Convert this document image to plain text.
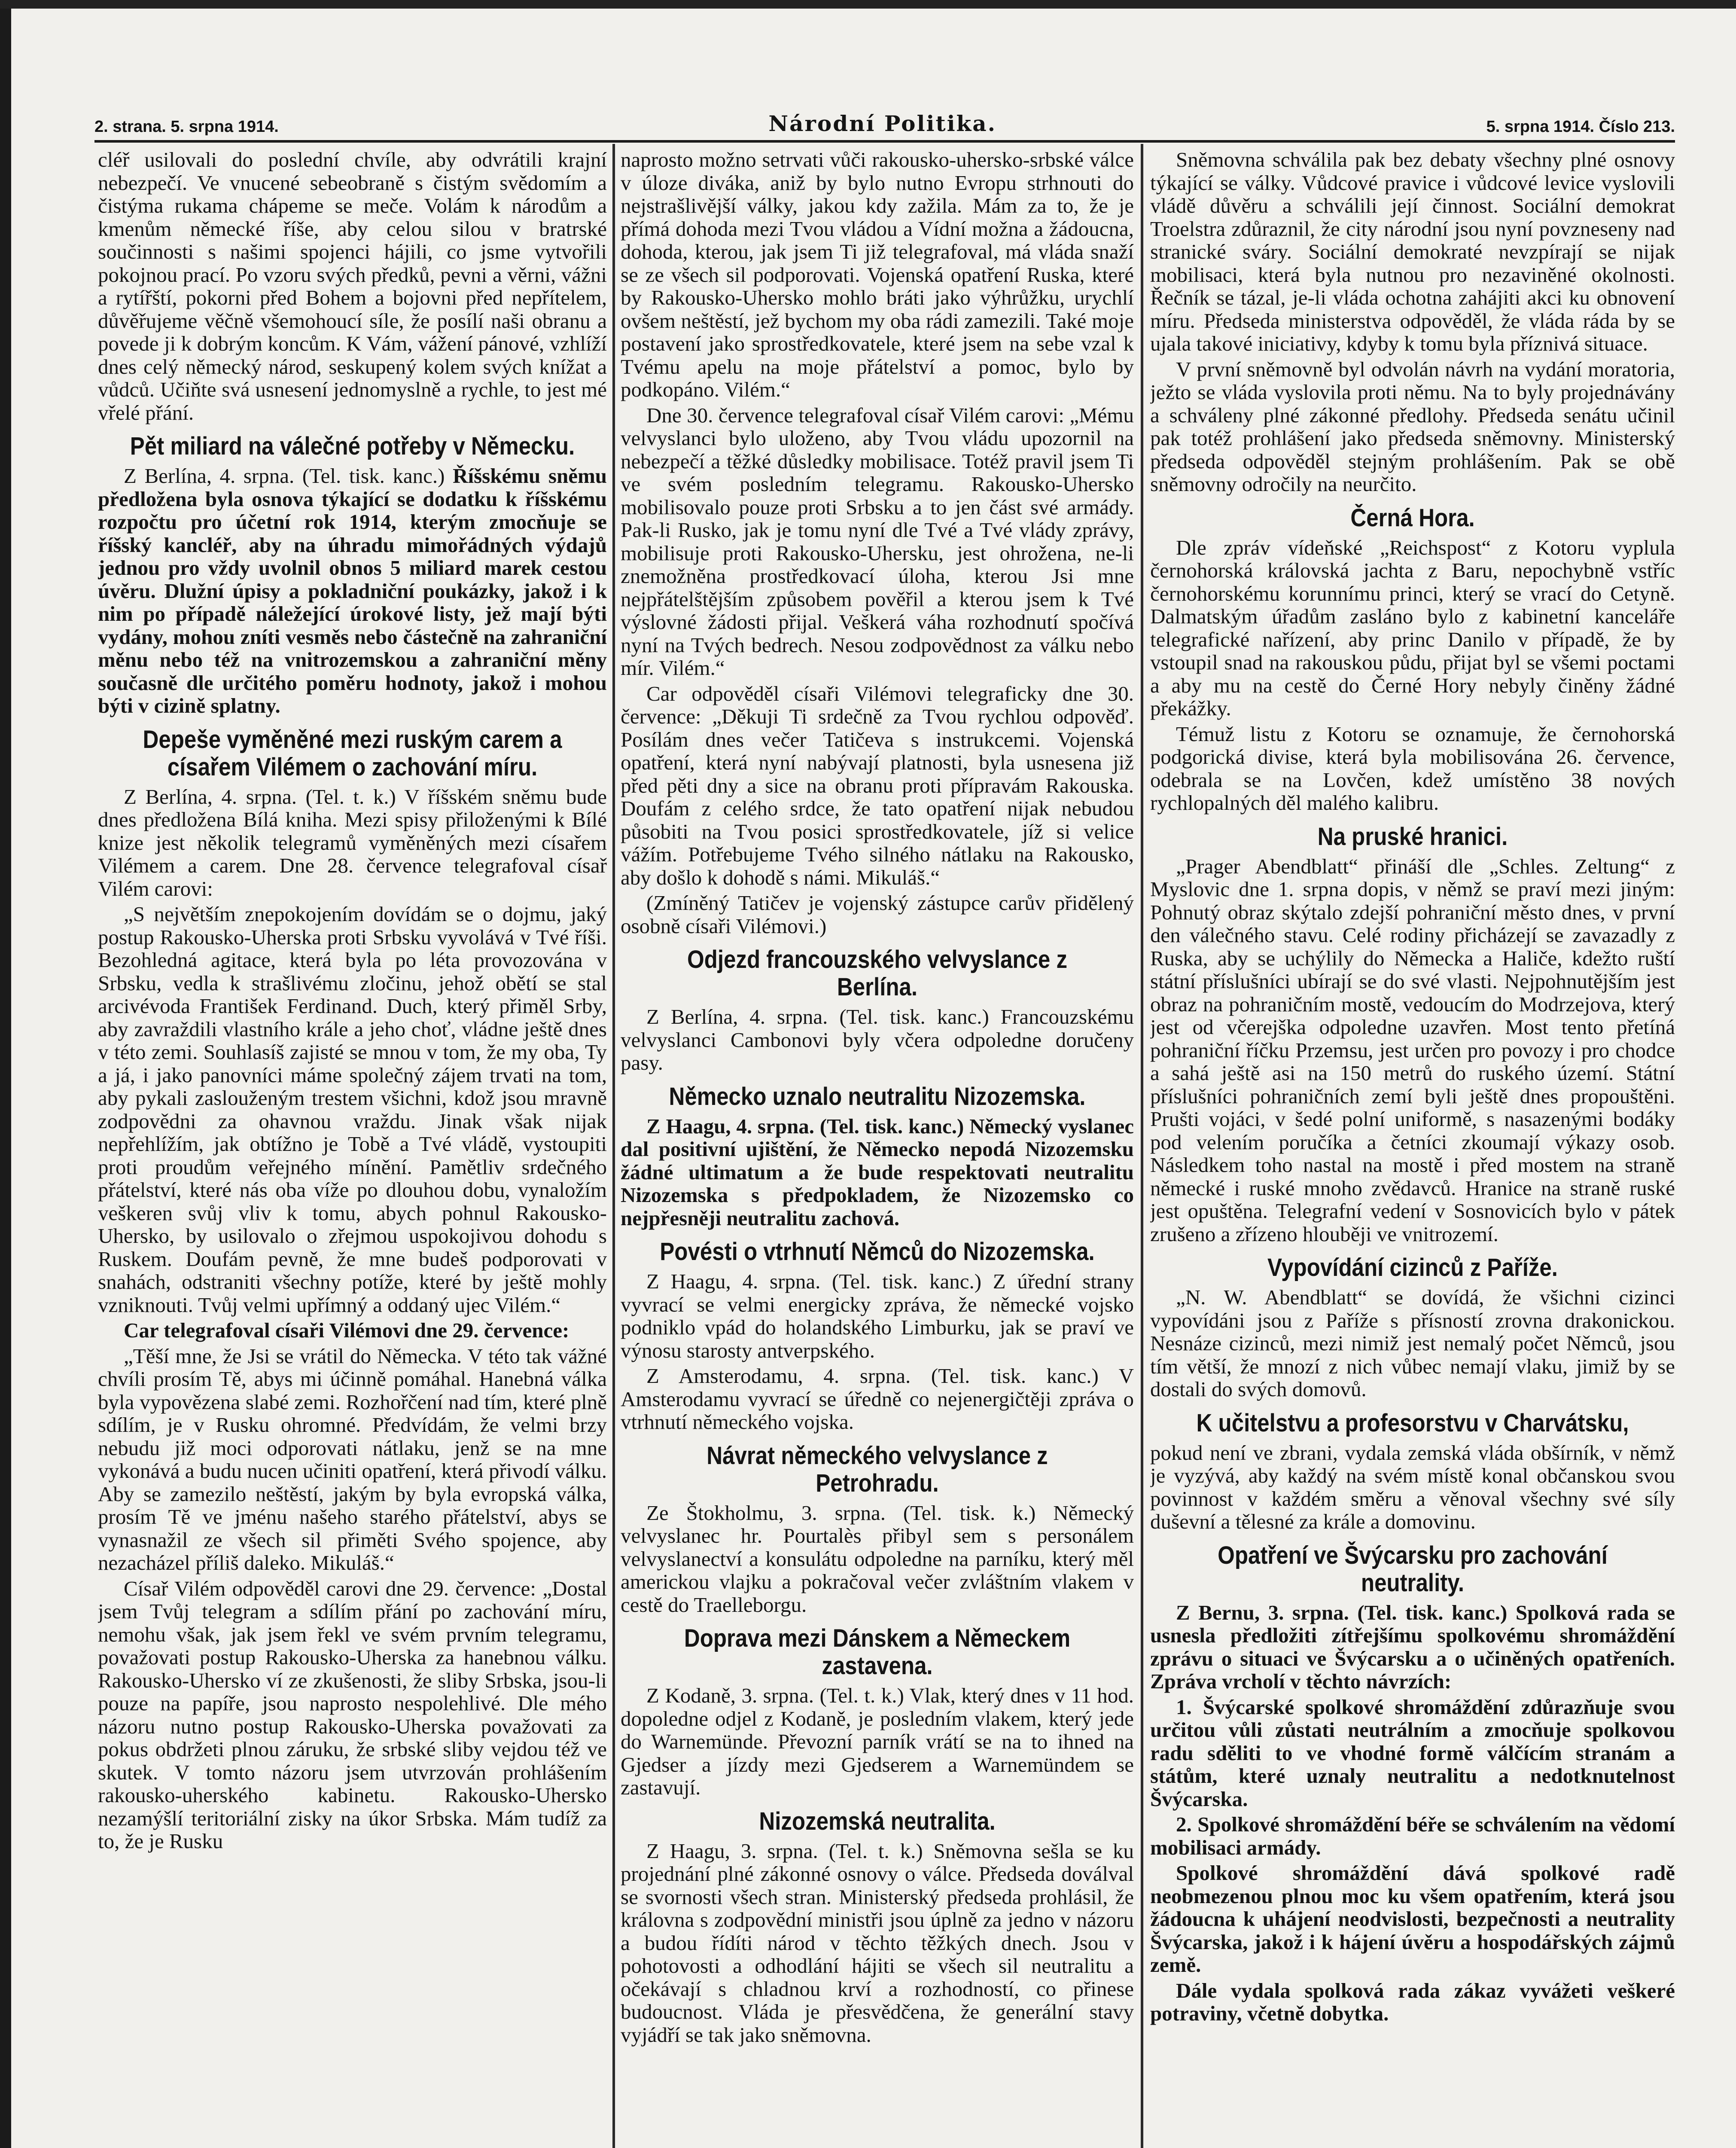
2. strana. 5. srpna 1914.	Národní Politika.	5. srpna 1914. Číslo 213.

cléř usilovali do poslední chvíle, aby odvrátili krajní nebezpečí. Ve vnucené sebeobraně s čistým svědomím a čistýma rukama chápeme se meče. Volám k národům a kmenům německé říše, aby celou silou v bratrské součinnosti s našimi spojenci hájili, co jsme vytvořili pokojnou prací. Po vzoru svých předků, pevni a věrni, vážni a rytířští, pokorni před Bohem a bojovni před nepřítelem, důvěřujeme věčně všemohoucí síle, že posílí naši obranu a povede ji k dobrým koncům. K Vám, vážení pánové, vzhlíží dnes celý německý národ, seskupený kolem svých knížat a vůdců. Učiňte svá usnesení jednomyslně a rychle, to jest mé vřelé přání.

Pět miliard na válečné potřeby v Německu.

Z Berlína, 4. srpna. (Tel. tisk. kanc.) Říšskému sněmu předložena byla osnova týkající se dodatku k říšskému rozpočtu pro účetní rok 1914, kterým zmocňuje se říšský kancléř, aby na úhradu mimořádných výdajů jednou pro vždy uvolnil obnos 5 miliard marek cestou úvěru. Dlužní úpisy a pokladniční poukázky, jakož i k nim po případě náležející úrokové listy, jež mají býti vydány, mohou zníti vesměs nebo částečně na zahraniční měnu nebo též na vnitrozemskou a zahraniční měny současně dle určitého poměru hodnoty, jakož i mohou býti v cizině splatny.

Depeše vyměněné mezi ruským carem a císařem Vilémem o zachování míru.

Z Berlína, 4. srpna. (Tel. t. k.) V říšském sněmu bude dnes předložena Bílá kniha. Mezi spisy přiloženými k Bílé knize jest několik telegramů vyměněných mezi císařem Vilémem a carem. Dne 28. července telegrafoval císař Vilém carovi:

„S největším znepokojením dovídám se o dojmu, jaký postup Rakousko-Uherska proti Srbsku vyvolává v Tvé říši. Bezohledná agitace, která byla po léta provozována v Srbsku, vedla k strašlivému zločinu, jehož obětí se stal arcivévoda František Ferdinand. Duch, který přiměl Srby, aby zavraždili vlastního krále a jeho choť, vládne ještě dnes v této zemi. Souhlasíš zajisté se mnou v tom, že my oba, Ty a já, i jako panovníci máme společný zájem trvati na tom, aby pykali zaslouženým trestem všichni, kdož jsou mravně zodpovědni za ohavnou vraždu. Jinak však nijak nepřehlížím, jak obtížno je Tobě a Tvé vládě, vystoupiti proti proudům veřejného mínění. Pamětliv srdečného přátelství, které nás oba víže po dlouhou dobu, vynaložím veškeren svůj vliv k tomu, abych pohnul Rakousko-Uhersko, by usilovalo o zřejmou uspokojivou dohodu s Ruskem. Doufám pevně, že mne budeš podporovati v snahách, odstraniti všechny potíže, které by ještě mohly vzniknouti. Tvůj velmi upřímný a oddaný ujec Vilém.“

Car telegrafoval císaři Vilémovi dne 29. července:

„Těší mne, že Jsi se vrátil do Německa. V této tak vážné chvíli prosím Tě, abys mi účinně pomáhal. Hanebná válka byla vypovězena slabé zemi. Rozhořčení nad tím, které plně sdílím, je v Rusku ohromné. Předvídám, že velmi brzy nebudu již moci odporovati nátlaku, jenž se na mne vykonává a budu nucen učiniti opatření, která přivodí válku. Aby se zamezilo neštěstí, jakým by byla evropská válka, prosím Tě ve jménu našeho starého přátelství, abys se vynasnažil ze všech sil přiměti Svého spojence, aby nezacházel příliš daleko. Mikuláš.“

Císař Vilém odpověděl carovi dne 29. července: „Dostal jsem Tvůj telegram a sdílím přání po zachování míru, nemohu však, jak jsem řekl ve svém prvním telegramu, považovati postup Rakousko-Uherska za hanebnou válku. Rakousko-Uhersko ví ze zkušenosti, že sliby Srbska, jsou-li pouze na papíře, jsou naprosto nespolehlivé. Dle mého názoru nutno postup Rakousko-Uherska považovati za pokus obdržeti plnou záruku, že srbské sliby vejdou též ve skutek. V tomto názoru jsem utvrzován prohlášením rakousko-uherského kabinetu. Rakousko-Uhersko nezamýšlí teritoriální zisky na úkor Srbska. Mám tudíž za to, že je Rusku

naprosto možno setrvati vůči rakousko-uhersko-srbské válce v úloze diváka, aniž by bylo nutno Evropu strhnouti do nejstrašlivější války, jakou kdy zažila. Mám za to, že je přímá dohoda mezi Tvou vládou a Vídní možna a žádoucna, dohoda, kterou, jak jsem Ti již telegrafoval, má vláda snaží se ze všech sil podporovati. Vojenská opatření Ruska, které by Rakousko-Uhersko mohlo bráti jako výhrůžku, urychlí ovšem neštěstí, jež bychom my oba rádi zamezili. Také moje postavení jako sprostředkovatele, které jsem na sebe vzal k Tvému apelu na moje přátelství a pomoc, bylo by podkopáno. Vilém.“

Dne 30. července telegrafoval císař Vilém carovi: „Mému velvyslanci bylo uloženo, aby Tvou vládu upozornil na nebezpečí a těžké důsledky mobilisace. Totéž pravil jsem Ti ve svém posledním telegramu. Rakousko-Uhersko mobilisovalo pouze proti Srbsku a to jen část své armády. Pak-li Rusko, jak je tomu nyní dle Tvé a Tvé vlády zprávy, mobilisuje proti Rakousko-Uhersku, jest ohroženа, ne-li znemožněna prostředkovací úloha, kterou Jsi mne nejpřátelštějším způsobem pověřil a kterou jsem k Tvé výslovné žádosti přijal. Veškerá váha rozhodnutí spočívá nyní na Tvých bedrech. Nesou zodpovědnost za válku nebo mír. Vilém.“

Car odpověděl císaři Vilémovi telegraficky dne 30. července: „Děkuji Ti srdečně za Tvou rychlou odpověď. Posílám dnes večer Tatičeva s instrukcemi. Vojenská opatření, která nyní nabývají platnosti, byla usnesena již před pěti dny a sice na obranu proti přípravám Rakouska. Doufám z celého srdce, že tato opatření nijak nebudou působiti na Tvou posici sprostředkovatele, jíž si velice vážím. Potřebujeme Tvého silného nátlaku na Rakousko, aby došlo k dohodě s námi. Mikuláš.“

(Zmíněný Tatičev je vojenský zástupce carův přidělený osobně císaři Vilémovi.)

Odjezd francouzského velvyslance z Berlína.

Z Berlína, 4. srpna. (Tel. tisk. kanc.) Francouzskému velvyslanci Cambonovi byly včera odpoledne doručeny pasy.

Německo uznalo neutralitu Nizozemska.

Z Haagu, 4. srpna. (Tel. tisk. kanc.) Německý vyslanec dal positivní ujištění, že Německo nepodá Nizozemsku žádné ultimatum a že bude respektovati neutralitu Nizozemska s předpokladem, že Nizozemsko co nejpřesněji neutralitu zachová.

Povésti o vtrhnutí Němců do Nizozemska.

Z Haagu, 4. srpna. (Tel. tisk. kanc.) Z úřední strany vyvrací se velmi energicky zpráva, že německé vojsko podniklo vpád do holandského Limburku, jak se praví ve výnosu starosty antverpského.

Z Amsterodamu, 4. srpna. (Tel. tisk. kanc.) V Amsterodamu vyvrací se úředně co nejenergičtěji zpráva o vtrhnutí německého vojska.

Návrat německého velvyslance z Petrohradu.

Ze Štokholmu, 3. srpna. (Tel. tisk. k.) Německý velvyslanec hr. Pourtalès přibyl sem s personálem velvyslanectví a konsulátu odpoledne na parníku, který měl americkou vlajku a pokračoval večer zvláštním vlakem v cestě do Traelleborgu.

Doprava mezi Dánskem a Německem zastavena.

Z Kodaně, 3. srpna. (Tel. t. k.) Vlak, který dnes v 11 hod. dopoledne odjel z Kodaně, je posledním vlakem, který jede do Warnemünde. Převozní parník vrátí se na to ihned na Gjedser a jízdy mezi Gjedserem a Warnemündem se zastavují.

Nizozemská neutralita.

Z Haagu, 3. srpna. (Tel. t. k.) Sněmovna sešla se ku projednání plné zákonné osnovy o válce. Předseda doválval se svornosti všech stran. Ministerský předseda prohlásil, že královna s zodpovědní ministři jsou úplně za jedno v názoru a budou řídíti národ v těchto těžkých dnech. Jsou v pohotovosti a odhodlání hájiti se všech sil neutralitu a očekávají s chladnou krví a rozhodností, co přinese budoucnost. Vláda je přesvědčena, že generální stavy vyjádří se tak jako sněmovna.

Sněmovna schválila pak bez debaty všechny plné osnovy týkající se války. Vůdcové pravice i vůdcové levice vyslovili vládě důvěru a schválili její činnost. Sociální demokrat Troelstra zdůraznil, že city národní jsou nyní povzneseny nad stranické sváry. Sociální demokraté nevzpírají se nijak mobilisaci, která byla nutnou pro nezaviněné okolnosti. Řečník se tázal, je-li vláda ochotna zahájiti akci ku obnovení míru. Předseda ministerstva odpověděl, že vláda ráda by se ujala takové iniciativy, kdyby k tomu byla příznivá situace.

V první sněmovně byl odvolán návrh na vydání moratoria, ježto se vláda vyslovila proti němu. Na to byly projednávány a schváleny plné zákonné předlohy. Předseda senátu učinil pak totéž prohlášení jako předseda sněmovny. Ministerský předseda odpověděl stejným prohlášením. Pak se obě sněmovny odročily na neurčito.

Černá Hora.

Dle zpráv vídeňské „Reichspost“ z Kotoru vyplula černohorská královská jachta z Baru, nepochybně vstříc černohorskému korunnímu princi, který se vrací do Cetyně. Dalmatským úřadům zasláno bylo z kabinetní kanceláře telegrafické nařízení, aby princ Danilo v případě, že by vstoupil snad na rakouskou půdu, přijat byl se všemi poctami a aby mu na cestě do Černé Hory nebyly činěny žádné překážky.

Témuž listu z Kotoru se oznamuje, že černohorská podgorická divise, která byla mobilisována 26. července, odebrala se na Lovčen, kdež umístěno 38 nových rychlopalných děl malého kalibru.

Na pruské hranici.

„Prager Abendblatt“ přináší dle „Schles. Zeltung“ z Myslovic dne 1. srpna dopis, v němž se praví mezi jiným: Pohnutý obraz skýtalo zdejší pohraniční město dnes, v první den válečného stavu. Celé rodiny přicházejí se zavazadly z Ruska, aby se uchýlily do Německa a Haliče, kdežto ruští státní příslušníci ubírají se do své vlasti. Nejpohnutějším jest obraz na pohraničním mostě, vedoucím do Modrzejova, který jest od včerejška odpoledne uzavřen. Most tento přetíná pohraniční říčku Przemsu, jest určen pro povozy i pro chodce a sahá ještě asi na 150 metrů do ruského území. Státní příslušníci pohraničních zemí byli ještě dnes propouštěni. Prušti vojáci, v šedé polní uniformě, s nasazenými bodáky pod velením poručíka a četníci zkoumají výkazy osob. Následkem toho nastal na mostě i před mostem na straně německé i ruské mnoho zvědavců. Hranice na straně ruské jest opuštěna. Telegrafní vedení v Sosnovicích bylo v pátek zrušeno a zřízeno hlouběji ve vnitrozemí.

Vypovídání cizinců z Paříže.

„N. W. Abendblatt“ se dovídá, že všichni cizinci vypovídáni jsou z Paříže s přísností zrovna drakonickou. Nesnáze cizinců, mezi nimiž jest nemalý počet Němců, jsou tím větší, že mnozí z nich vůbec nemají vlaku, jimiž by se dostali do svých domovů.

K učitelstvu a profesorstvu v Charvátsku,

pokud není ve zbrani, vydala zemská vláda obšírník, v němž je vyzývá, aby každý na svém místě konal občanskou svou povinnost v každém směru a věnoval všechny své síly duševní a tělesné za krále a domovinu.

Opatření ve Švýcarsku pro zachování neutrality.

Z Bernu, 3. srpna. (Tel. tisk. kanc.) Spolková rada se usnesla předložiti zítřejšímu spolkovému shromáždění zprávu o situaci ve Švýcarsku a o učiněných opatřeních. Zpráva vrcholí v těchto návrzích:

1. Švýcarské spolkové shromáždění zdůrazňuje svou určitou vůli zůstati neutrálním a zmocňuje spolkovou radu sděliti to ve vhodné formě válčícím stranám a státům, které uznaly neutralitu a nedotknutelnost Švýcarska.

2. Spolkové shromáždění béře se schválením na vědomí mobilisaci armády.

Spolkové shromáždění dává spolkové radě neobmezenou plnou moc ku všem opatřením, která jsou žádoucna k uhájení neodvislosti, bezpečnosti a neutrality Švýcarska, jakož i k hájení úvěru a hospodářských zájmů země.

Dále vydala spolková rada zákaz vyvážeti veškeré potraviny, včetně dobytka.
